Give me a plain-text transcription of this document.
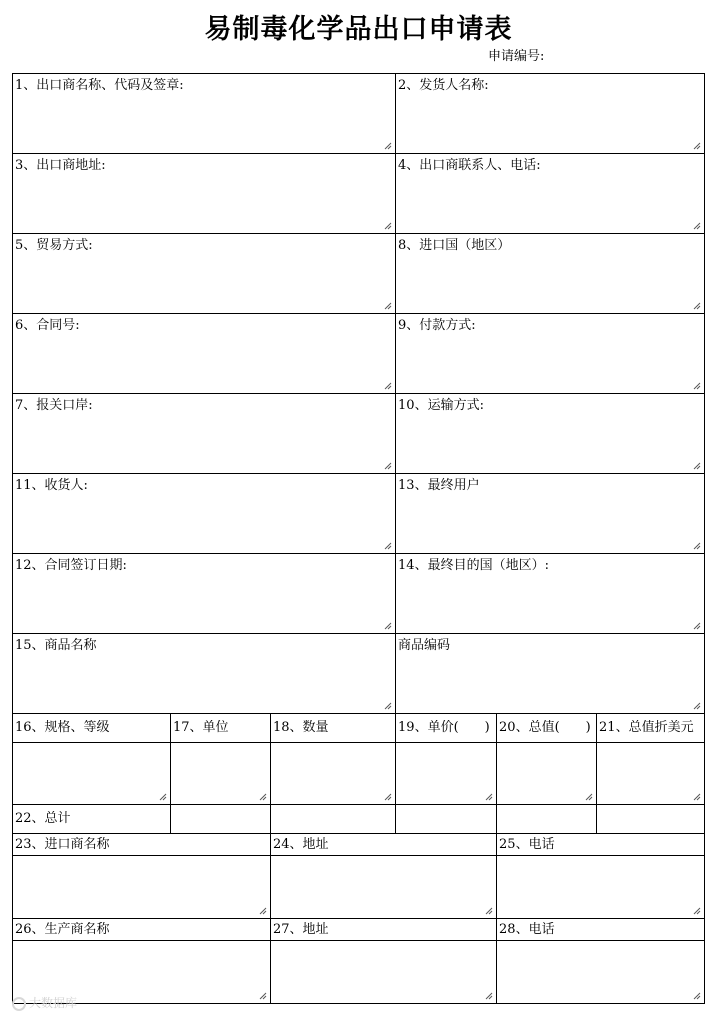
易制毒化学品出口申请表
申请编号:
1、出口商名称、代码及签章:			2、发货人名称:		

3、出口商地址:			4、出口商联系人、电话:		

5、贸易方式:			8、进口国（地区）		

6、合同号:			9、付款方式:		

7、报关口岸:			10、运输方式:		

11、收货人:			13、最终用户		

12、合同签订日期:			14、最终目的国（地区）:		

15、商品名称			商品编码		

16、规格、等级	17、单位	18、数量	19、单价(　　)	20、总值(　　)	21、总值折美元

22、总计					

23、进口商名称		24、地址		25、电话	

26、生产商名称		27、地址		28、电话	

大数据库
